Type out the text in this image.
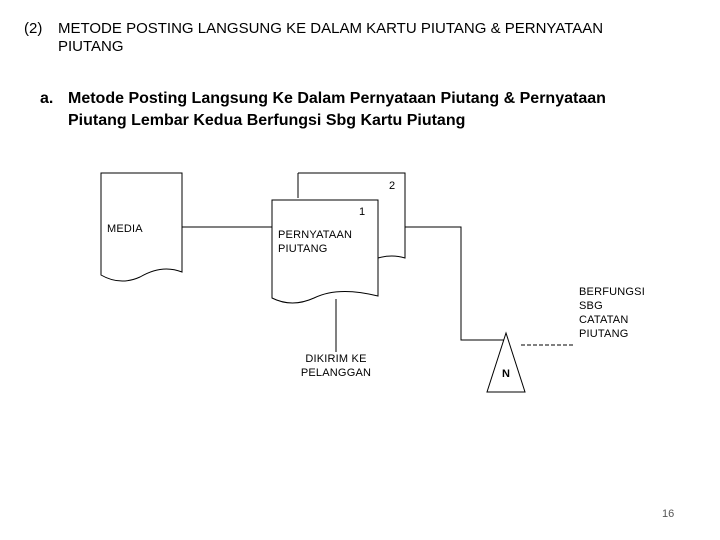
(2) METODE POSTING LANGSUNG KE DALAM KARTU PIUTANG & PERNYATAAN
PIUTANG
a. Metode Posting Langsung Ke Dalam Pernyataan Piutang & Pernyataan
Piutang Lembar Kedua Berfungsi Sbg Kartu Piutang
MEDIA
2
1
PERNYATAAN
PIUTANG
DIKIRIM KE
PELANGGAN
BERFUNGSI
SBG
CATATAN
PIUTANG
N
16
